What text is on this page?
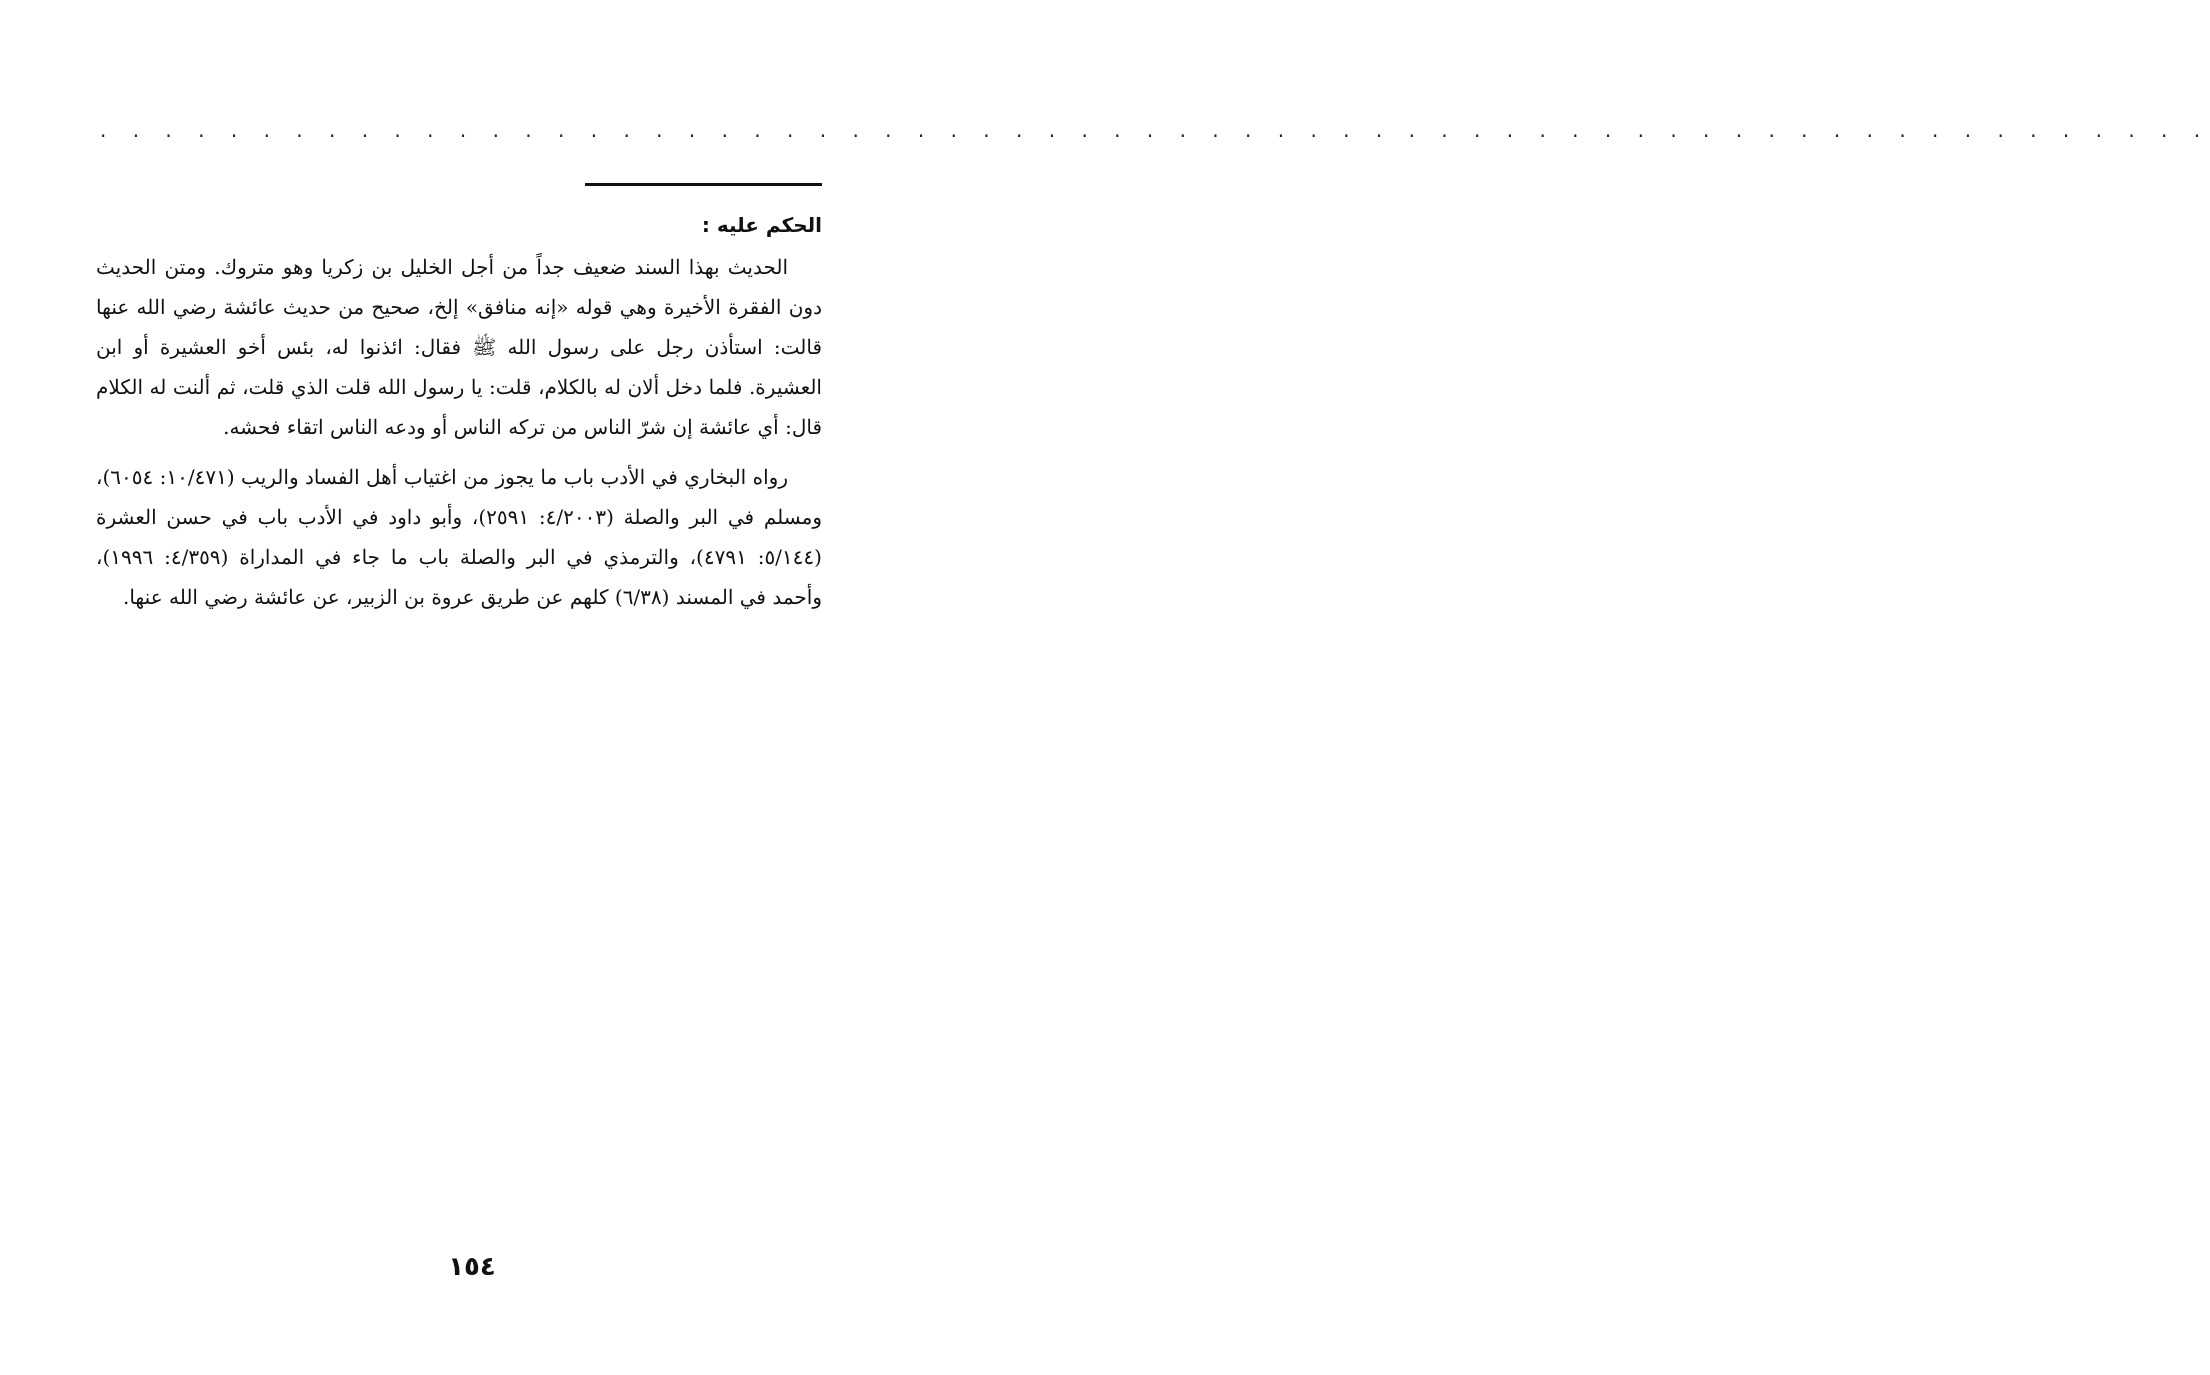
. . . . . . . . . . . . . . . . . . . . . . . . . . . . . . . . . . . . . . . . . . . . . . . . . . . . . . . . . . . . . . . . .
الحكم عليه :

الحديث بهذا السند ضعيف جداً من أجل الخليل بن زكريا وهو متروك. ومتن الحديث دون الفقرة الأخيرة وهي قوله «إنه منافق» إلخ، صحيح من حديث عائشة رضي الله عنها قالت: استأذن رجل على رسول الله ﷺ فقال: ائذنوا له، بئس أخو العشيرة أو ابن العشيرة. فلما دخل ألان له بالكلام، قلت: يا رسول الله قلت الذي قلت، ثم ألنت له الكلام قال: أي عائشة إن شرّ الناس من تركه الناس أو ودعه الناس اتقاء فحشه.

رواه البخاري في الأدب باب ما يجوز من اغتياب أهل الفساد والريب (١٠/٤٧١: ٦٠٥٤)، ومسلم في البر والصلة (٤/٢٠٠٣: ٢٥٩١)، وأبو داود في الأدب باب في حسن العشرة (٥/١٤٤: ٤٧٩١)، والترمذي في البر والصلة باب ما جاء في المداراة (٤/٣٥٩: ١٩٩٦)، وأحمد في المسند (٦/٣٨) كلهم عن طريق عروة بن الزبير، عن عائشة رضي الله عنها.

١٥٤
